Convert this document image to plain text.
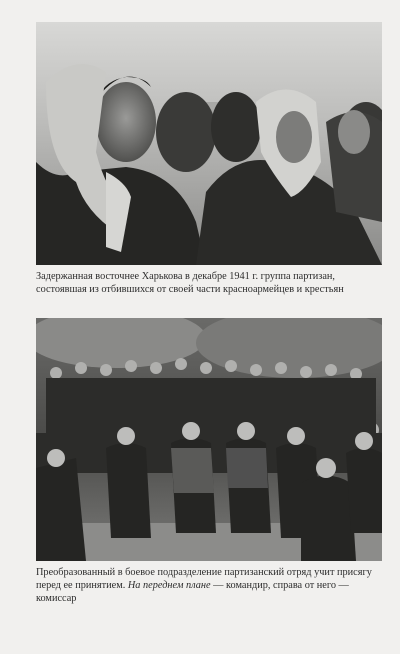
Задержанная восточнее Харькова в декабре 1941 г. группа партизан, состоявшая из отбившихся от своей части красноармейцев и крестьян
Преобразованный в боевое подразделение партизанский отряд учит присягу перед ее принятием. На переднем плане — командир, справа от него — комиссар
